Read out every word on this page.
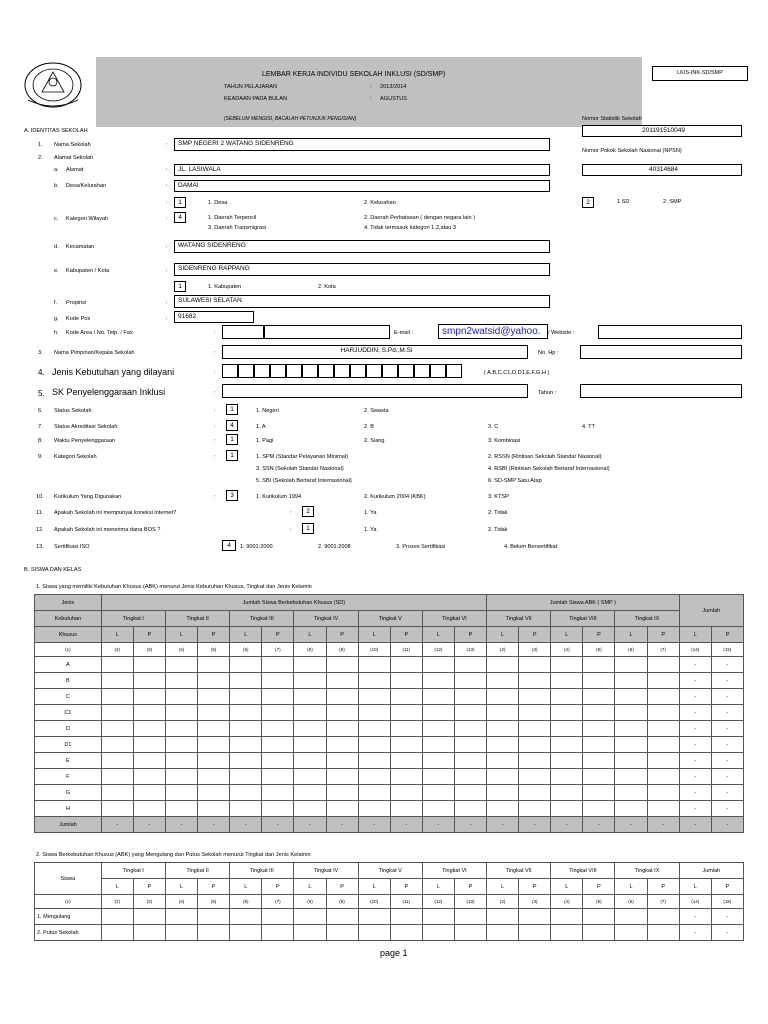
LEMBAR KERJA INDIVIDU SEKOLAH INKLUSI (SD/SMP)	LKIS-INK-SD/SMP
TAHUN PELAJARAN	: 2013/2014
KEADAAN PADA BULAN	: AGUSTUS
(SEBELUM MENGISI, BACALAH PETUNJUK PENGISIAN)	Nomor Statistik Sekolah
201191510049
Nomor Pokok Sekolah Nasional (NPSN)
40314684
2	1 SD	2. SMP
A. IDENTITAS SEKOLAH
1. Nama Sekolah	:	SMP NEGERI 2 WATANG SIDENRENG
2. Alamat Sekolah
a. Alamat	:	JL. LASIWALA
b. Desa/Kelurahan	:	DAMAI
:	1	1. Desa	2. Kelurahan
c. Kategori Wilayah	:	4	1. Daerah Terpencil	2. Daerah Perbatasan ( dengan negara lain )
3. Daerah Transmigrasi	4. Tidak termasuk kategori 1,2,atau 3
d. Kecamatan	:	WATANG SIDENRENG
e. Kabupaten / Kota	:	SIDENRENG RAPPANG
1	1. Kabupaten	2. Kota
f. Propinsi	:	SULAWESI SELATAN
g. Kode Pos	:	91682
h. Kode Area / No. Telp. / Fax	:	E-mail :	smpn2watsid@yahoo.	/ Website :
3. Nama Pimpinan/Kepala Sekolah	:	HARJUDDIN, S.Pd.,M.Si	No. Hp :
4. Jenis Kebutuhan yang dilayani	:	( A,B,C,C1,D,D1,E,F,G,H )
5. SK Penyelenggaraan Inklusi	:	Tahun :
6. Status Sekolah	:	1	1. Negeri	2. Swasta
7. Status Akreditasi Sekolah	:	4	1. A	2. B	3. C	4. TT
8. Waktu Penyelenggaraan	:	1	1. Pagi	2. Siang	3. Kombinasi
9. Kategori Sekolah	:	1	1. SPM (Standar Pelayanan Minimal)	2. RSSN (Rintisan Sekolah Standar Nasional)
3. SSN (Sekolah Standar Nasional)	4. RSBI (Rintisan Sekolah Bertaraf Internasional)
5. SBI (Sekolah Bertaraf Internasional)	6. SD-SMP Satu Atap
10. Kurikulum Yang Digunakan	:	3	1. Kurikulum 1994	2. Kurikulum 2004 (KBK)	3. KTSP
11. Apakah Sekolah ini mempunyai koneksi internet?	:	2	1. Ya	2. Tidak
12. Apakah Sekolah ini menerima dana BOS ?	:	1	1. Ya	2. Tidak
13. Sertifikasi ISO	4	1. 9001:2000	2. 9001:2008	3. Proses Sertifikasi	4. Belum Bersertifikat
B. SISWA DAN KELAS
1. Siswa yang memiliki Kebutuhan Khusus (ABK) menurut Jenis Kebutuhan Khusus, Tingkat dan Jenis Kelamin
Jenis	Jumlah Siswa Berkebutuhan Khusus (SD)												Jumlah Siswa ABK ( SMP )						Jumlah	
Kebutuhan	Tingkat I		Tingkat II		Tingkat III		Tingkat IV		Tingkat V		Tingkat VI		Tingkat VII		Tingkat VIII		Tingkat IX			
Khusus	L	P	L	P	L	P	L	P	L	P	L	P	L	P	L	P	L	P	L	P
(1)	(2)	(3)	(4)	(5)	(6)	(7)	(8)	(9)	(10)	(11)	(12)	(13)	(2)	(3)	(4)	(5)	(6)	(7)	(14)	(15)
A																			-	-
B																			-	-
C																			-	-
C1																			-	-
D																			-	-
D1																			-	-
E																			-	-
F																			-	-
G																			-	-
H																			-	-
Jumlah	-	-	-	-	-	-	-	-	-	-	-	-	-	-	-	-	-	-	-	-
2. Siswa Berkebutuhan Khusus (ABK) yang Mengulang dan Putus Sekolah menurut Tingkat dan Jenis Kelamin
Siswa	Tingkat I		Tingkat II		Tingkat III		Tingkat IV		Tingkat V		Tingkat VI		Tingkat VII		Tingkat VIII		Tingkat IX		Jumlah	
	L	P	L	P	L	P	L	P	L	P	L	P	L	P	L	P	L	P	L	P
(1)	(2)	(3)	(4)	(5)	(6)	(7)	(8)	(9)	(10)	(11)	(12)	(13)	(2)	(3)	(4)	(5)	(6)	(7)	(14)	(15)
1. Mengulang																			-	-
2. Putus Sekolah																			-	-
page 1
